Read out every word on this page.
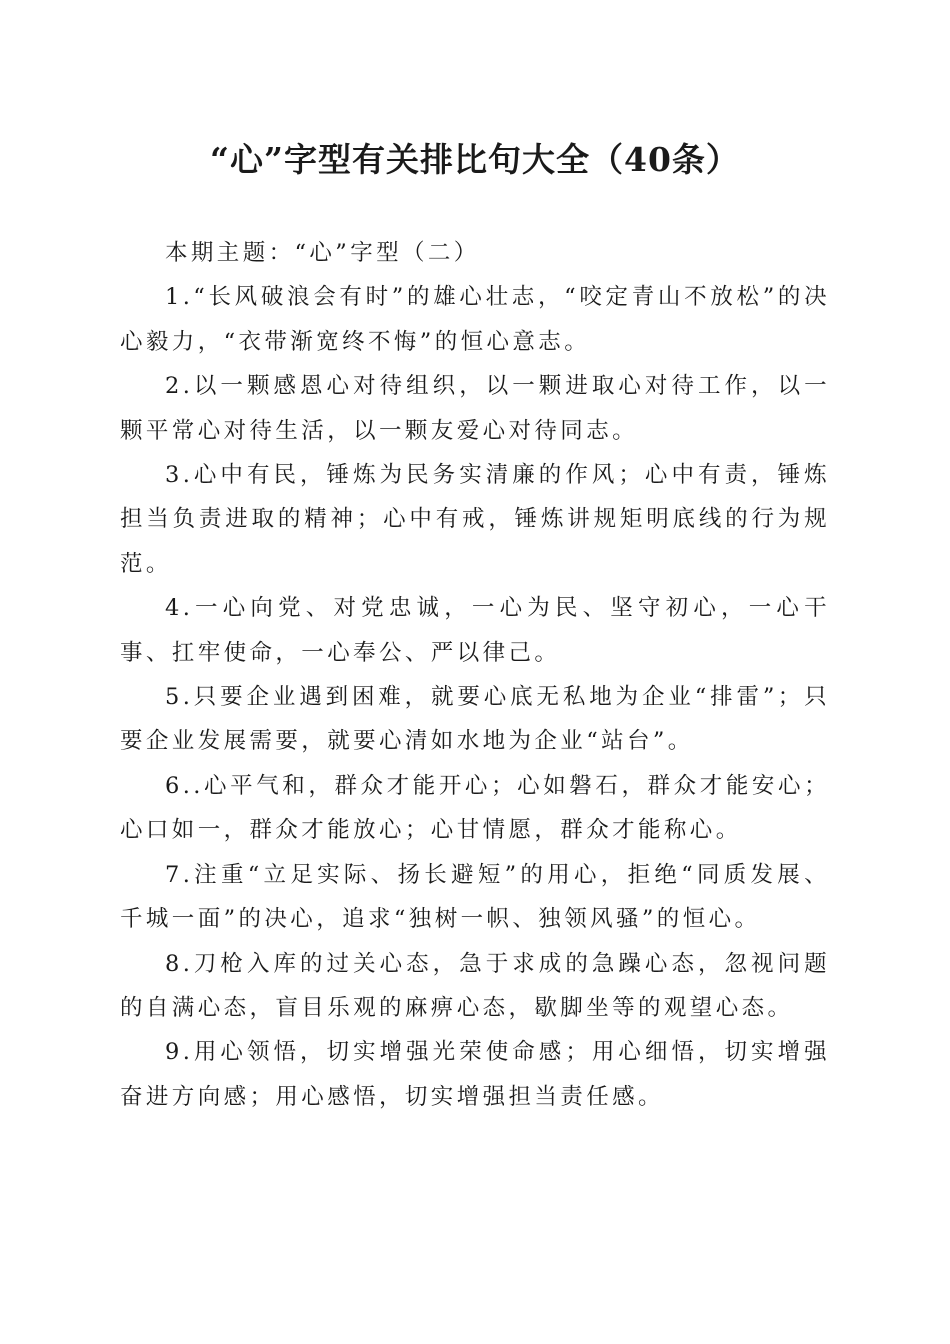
“心”字型有关排比句大全（40条）

本期主题：“心”字型（二）

1.“长风破浪会有时”的雄心壮志，“咬定青山不放松”的决心毅力，“衣带渐宽终不悔”的恒心意志。

2.以一颗感恩心对待组织，以一颗进取心对待工作，以一颗平常心对待生活，以一颗友爱心对待同志。

3.心中有民，锤炼为民务实清廉的作风；心中有责，锤炼担当负责进取的精神；心中有戒，锤炼讲规矩明底线的行为规范。

4.一心向党、对党忠诚，一心为民、坚守初心，一心干事、扛牢使命，一心奉公、严以律己。

5.只要企业遇到困难，就要心底无私地为企业“排雷”；只要企业发展需要，就要心清如水地为企业“站台”。

6..心平气和，群众才能开心；心如磐石，群众才能安心；心口如一，群众才能放心；心甘情愿，群众才能称心。

7.注重“立足实际、扬长避短”的用心，拒绝“同质发展、千城一面”的决心，追求“独树一帜、独领风骚”的恒心。

8.刀枪入库的过关心态，急于求成的急躁心态，忽视问题的自满心态，盲目乐观的麻痹心态，歇脚坐等的观望心态。

9.用心领悟，切实增强光荣使命感；用心细悟，切实增强奋进方向感；用心感悟，切实增强担当责任感。
